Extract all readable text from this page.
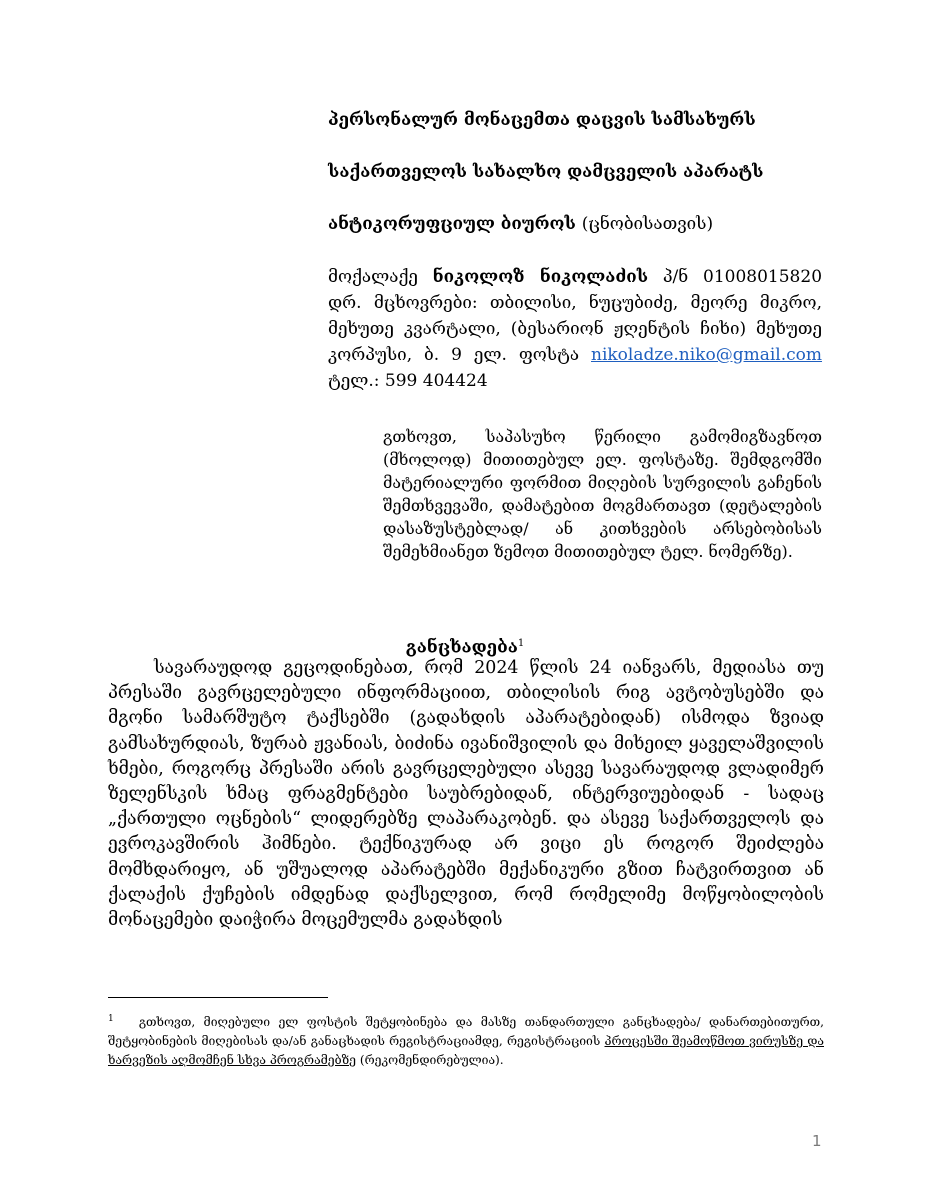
პერსონალურ მონაცემთა დაცვის სამსახურს
საქართველოს სახალხო დამცველის აპარატს
ანტიკორუფციულ ბიუროს (ცნობისათვის)
მოქალაქე ნიკოლოზ ნიკოლაძის პ/ნ 01008015820 დრ. მცხოვრები: თბილისი, ნუცუბიძე, მეორე მიკრო, მეხუთე კვარტალი, (ბესარიონ ჟღენტის ჩიხი) მეხუთე კორპუსი, ბ. 9 ელ. ფოსტა nikoladze.niko@gmail.com ტელ.: 599 404424
გთხოვთ, საპასუხო წერილი გამომიგზავნოთ (მხოლოდ) მითითებულ ელ. ფოსტაზე. შემდგომში მატერიალური ფორმით მიღების სურვილის გაჩენის შემთხვევაში, დამატებით მოგმართავთ (დეტალების დასაზუსტებლად/ ან კითხვების არსებობისას შემეხმიანეთ ზემოთ მითითებულ ტელ. ნომერზე).
განცხადება$^1$
სავარაუდოდ გეცოდინებათ, რომ 2024 წლის 24 იანვარს, მედიასა თუ პრესაში გავრცელებული ინფორმაციით, თბილისის რიგ ავტობუსებში და მგონი სამარშუტო ტაქსებში (გადახდის აპარატებიდან) ისმოდა ზვიად გამსახურდიას, ზურაბ ჟვანიას, ბიძინა ივანიშვილის და მიხეილ ყაველაშვილის ხმები, როგორც პრესაში არის გავრცელებული ასევე სავარაუდოდ ვლადიმერ ზელენსკის ხმაც ფრაგმენტები საუბრებიდან, ინტერვიუებიდან - სადაც „ქართული ოცნების“ ლიდერებზე ლაპარაკობენ. და ასევე საქართველოს და ევროკავშირის ჰიმნები. ტექნიკურად არ ვიცი ეს როგორ შეიძლება მომხდარიყო, ან უშუალოდ აპარატებში მექანიკური გზით ჩატვირთვით ან ქალაქის ქუჩების იმდენად დაქსელვით, რომ რომელიმე მოწყობილობის მონაცემები დაიჭირა მოცემულმა გადახდის
$^1$ გთხოვთ, მიღებული ელ ფოსტის შეტყობინება და მასზე თანდართული განცხადება/ დანართებითურთ, შეტყობინების მიღებისას და/ან განაცხადის რეგისტრაციამდე, რეგისტრაციის პროცესში შეამოწმოთ ვირუსზე და ხარვეზის აღმომჩენ სხვა პროგრამებზე (რეკომენდირებულია).
1
